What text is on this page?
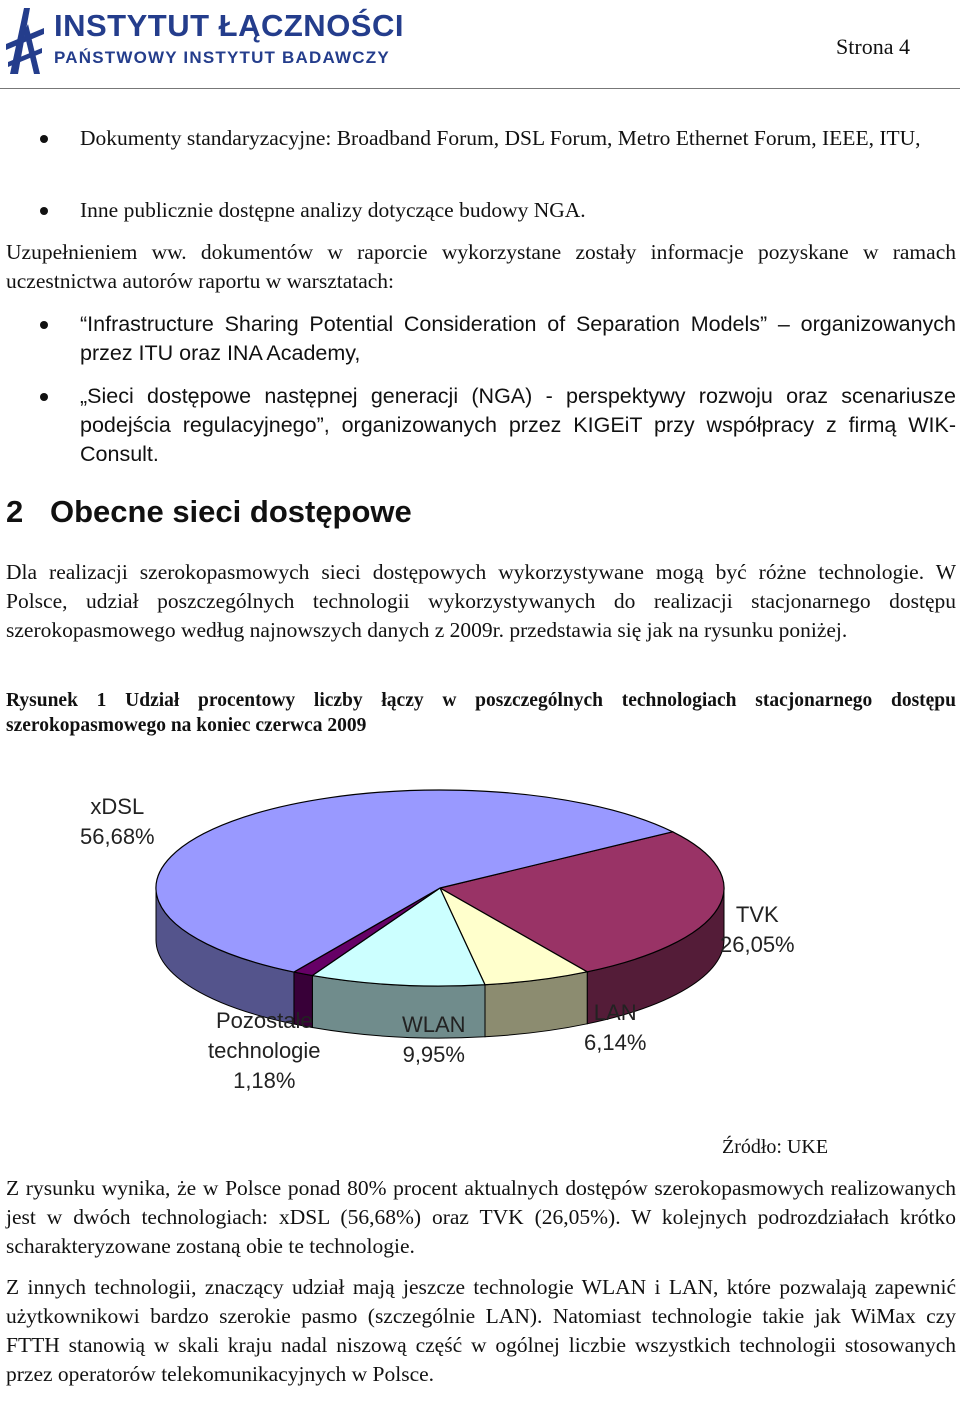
INSTYTUT ŁĄCZNOŚCI
PAŃSTWOWY INSTYTUT BADAWCZY	Strona 4
Dokumenty standaryzacyjne: Broadband Forum, DSL Forum, Metro Ethernet Forum, IEEE, ITU,
Inne publicznie dostępne analizy dotyczące budowy NGA.
Uzupełnieniem ww. dokumentów w raporcie wykorzystane zostały informacje pozyskane w ramach uczestnictwa autorów raportu w warsztatach:
“Infrastructure Sharing Potential Consideration of Separation Models” – organizowanych przez ITU oraz INA Academy,
„Sieci dostępowe następnej generacji (NGA) - perspektywy rozwoju oraz scenariusze podejścia regulacyjnego”, organizowanych przez KIGEiT przy współpracy z firmą WIK-Consult.
2 Obecne sieci dostępowe
Dla realizacji szerokopasmowych sieci dostępowych wykorzystywane mogą być różne technologie. W Polsce, udział poszczególnych technologii wykorzystywanych do realizacji stacjonarnego dostępu szerokopasmowego według najnowszych danych z 2009r. przedstawia się jak na rysunku poniżej.
Rysunek 1 Udział procentowy liczby łączy w poszczególnych technologiach stacjonarnego dostępu szerokopasmowego na koniec czerwca 2009
xDSL
56,68%
TVK
26,05%
LAN
6,14%
WLAN
9,95%
Pozostałe
technologie
1,18%
Źródło: UKE
Z rysunku wynika, że w Polsce ponad 80% procent aktualnych dostępów szerokopasmowych realizowanych jest w dwóch technologiach: xDSL (56,68%) oraz TVK (26,05%). W kolejnych podrozdziałach krótko scharakteryzowane zostaną obie te technologie.
Z innych technologii, znaczący udział mają jeszcze technologie WLAN i LAN, które pozwalają zapewnić użytkownikowi bardzo szerokie pasmo (szczególnie LAN). Natomiast technologie takie jak WiMax czy FTTH stanowią w skali kraju nadal niszową część w ogólnej liczbie wszystkich technologii stosowanych przez operatorów telekomunikacyjnych w Polsce.
